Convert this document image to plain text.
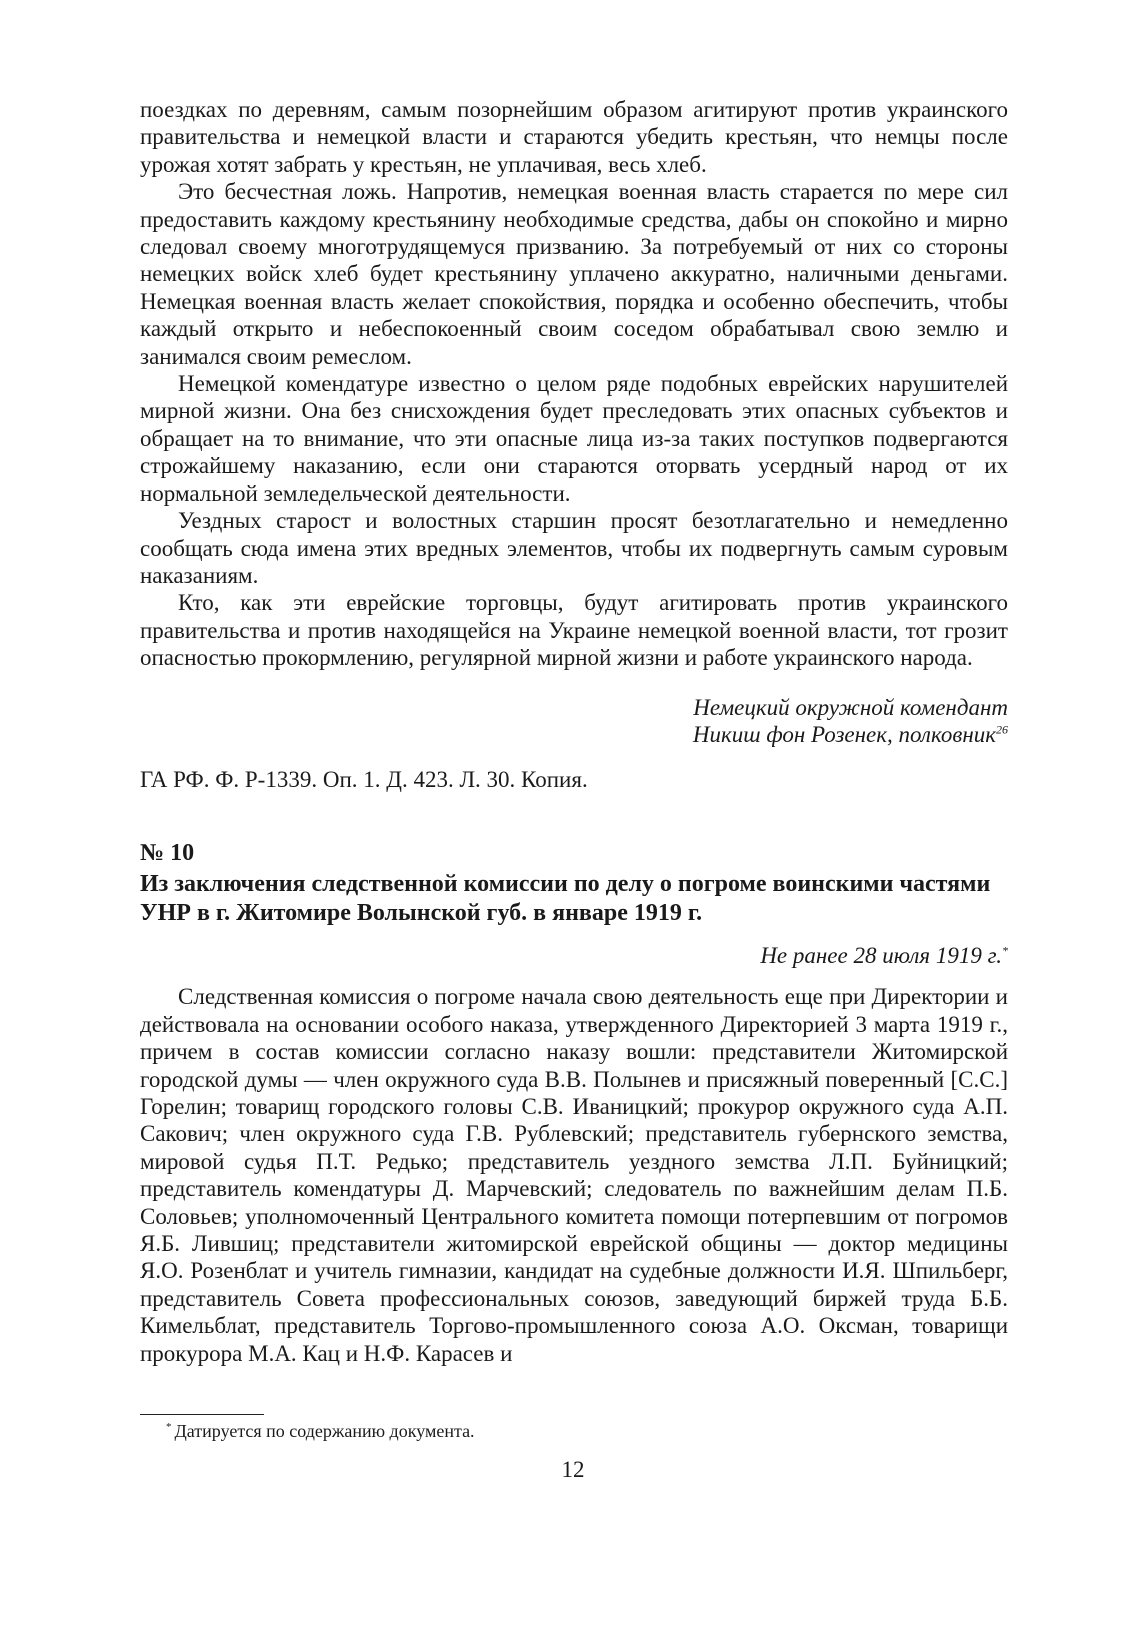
поездках по деревням, самым позорнейшим образом агитируют против украинского правительства и немецкой власти и стараются убедить крестьян, что немцы после урожая хотят забрать у крестьян, не уплачивая, весь хлеб.

Это бесчестная ложь. Напротив, немецкая военная власть старается по мере сил предоставить каждому крестьянину необходимые средства, дабы он спокойно и мирно следовал своему многотрудящемуся призванию. За потребуемый от них со стороны немецких войск хлеб будет крестьянину уплачено аккуратно, наличными деньгами. Немецкая военная власть желает спокойствия, порядка и особенно обеспечить, чтобы каждый открыто и небеспокоенный своим соседом обрабатывал свою землю и занимался своим ремеслом.

Немецкой комендатуре известно о целом ряде подобных еврейских нарушителей мирной жизни. Она без снисхождения будет преследовать этих опасных субъектов и обращает на то внимание, что эти опасные лица из-за таких поступков подвергаются строжайшему наказанию, если они стараются оторвать усердный народ от их нормальной земледельческой деятельности.

Уездных старост и волостных старшин просят безотлагательно и немедленно сообщать сюда имена этих вредных элементов, чтобы их подвергнуть самым суровым наказаниям.

Кто, как эти еврейские торговцы, будут агитировать против украинского правительства и против находящейся на Украине немецкой военной власти, тот грозит опасностью прокормлению, регулярной мирной жизни и работе украинского народа.

Немецкий окружной комендант
Никиш фон Розенек, полковник$^{26}$
ГА РФ. Ф. Р-1339. Оп. 1. Д. 423. Л. 30. Копия.
№ 10
Из заключения следственной комиссии по делу о погроме воинскими частями УНР в г. Житомире Волынской губ. в январе 1919 г.
Не ранее 28 июля 1919 г.*

Следственная комиссия о погроме начала свою деятельность еще при Директории и действовала на основании особого наказа, утвержденного Директорией 3 марта 1919 г., причем в состав комиссии согласно наказу вошли: представители Житомирской городской думы — член окружного суда В.В. Полынев и присяжный поверенный [С.С.] Горелин; товарищ городского головы С.В. Иваницкий; прокурор окружного суда А.П. Сакович; член окружного суда Г.В. Рублевский; представитель губернского земства, мировой судья П.Т. Редько; представитель уездного земства Л.П. Буйницкий; представитель комендатуры Д. Марчевский; следователь по важнейшим делам П.Б. Соловьев; уполномоченный Центрального комитета помощи потерпевшим от погромов Я.Б. Лившиц; представители житомирской еврейской общины — доктор медицины Я.О. Розенблат и учитель гимназии, кандидат на судебные должности И.Я. Шпильберг, представитель Совета профессиональных союзов, заведующий биржей труда Б.Б. Кимельблат, представитель Торгово-промышленного союза А.О. Оксман, товарищи прокурора М.А. Кац и Н.Ф. Карасев и

* Датируется по содержанию документа.
12
